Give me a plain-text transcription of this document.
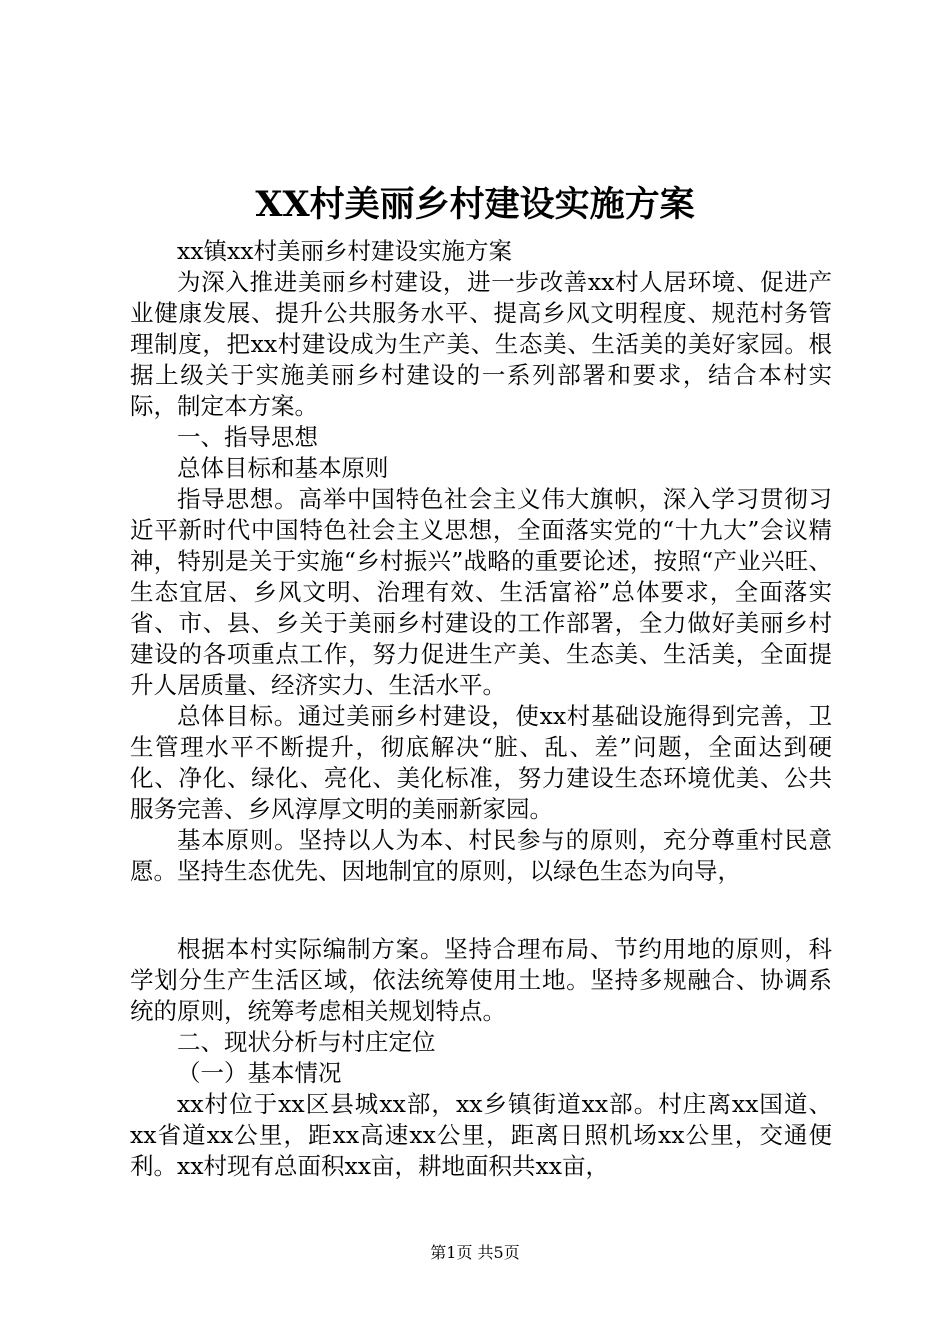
XX村美丽乡村建设实施方案

xx镇xx村美丽乡村建设实施方案

为深入推进美丽乡村建设，进一步改善xx村人居环境、促进产业健康发展、提升公共服务水平、提高乡风文明程度、规范村务管理制度，把xx村建设成为生产美、生态美、生活美的美好家园。根据上级关于实施美丽乡村建设的一系列部署和要求，结合本村实际，制定本方案。

一、指导思想

总体目标和基本原则

指导思想。高举中国特色社会主义伟大旗帜，深入学习贯彻习近平新时代中国特色社会主义思想，全面落实党的“十九大”会议精神，特别是关于实施“乡村振兴”战略的重要论述，按照“产业兴旺、生态宜居、乡风文明、治理有效、生活富裕”总体要求，全面落实省、市、县、乡关于美丽乡村建设的工作部署，全力做好美丽乡村建设的各项重点工作，努力促进生产美、生态美、生活美，全面提升人居质量、经济实力、生活水平。

总体目标。通过美丽乡村建设，使xx村基础设施得到完善，卫生管理水平不断提升，彻底解决“脏、乱、差”问题，全面达到硬化、净化、绿化、亮化、美化标准，努力建设生态环境优美、公共服务完善、乡风淳厚文明的美丽新家园。

基本原则。坚持以人为本、村民参与的原则，充分尊重村民意愿。坚持生态优先、因地制宜的原则，以绿色生态为向导，

根据本村实际编制方案。坚持合理布局、节约用地的原则，科学划分生产生活区域，依法统筹使用土地。坚持多规融合、协调系统的原则，统筹考虑相关规划特点。

二、现状分析与村庄定位

（一）基本情况

xx村位于xx区县城xx部，xx乡镇街道xx部。村庄离xx国道、xx省道xx公里，距xx高速xx公里，距离日照机场xx公里，交通便利。xx村现有总面积xx亩，耕地面积共xx亩，

第1页 共5页
